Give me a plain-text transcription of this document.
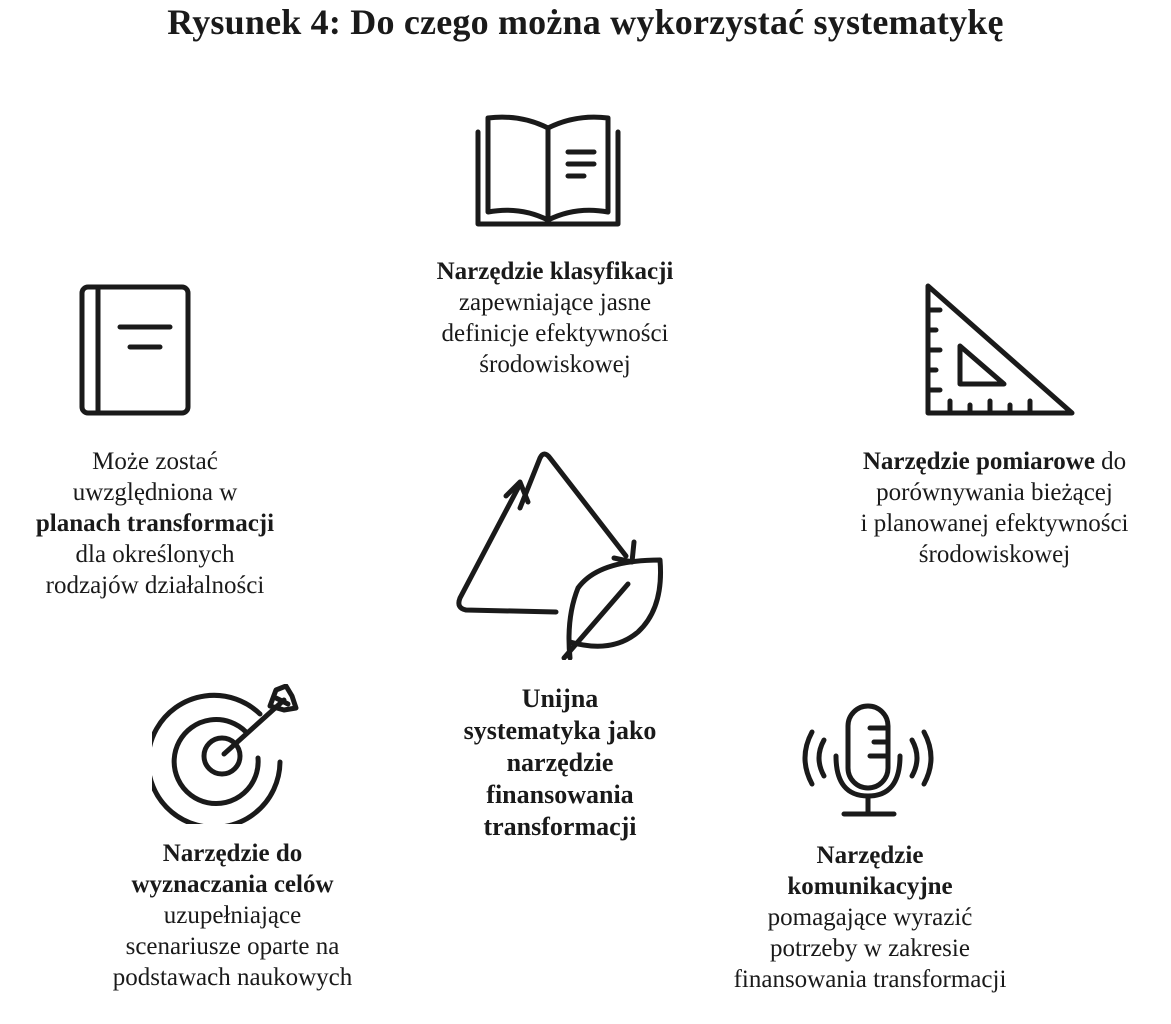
Rysunek 4: Do czego można wykorzystać systematykę
Narzędzie klasyfikacji
zapewniające jasne
definicje efektywności
środowiskowej
Może zostać
uwzględniona w
planach transformacji
dla określonych
rodzajów działalności
Narzędzie pomiarowe do
porównywania bieżącej
i planowanej efektywności
środowiskowej
Unijna
systematyka jako
narzędzie
finansowania
transformacji
Narzędzie do
wyznaczania celów
uzupełniające
scenariusze oparte na
podstawach naukowych
Narzędzie
komunikacyjne
pomagające wyrazić
potrzeby w zakresie
finansowania transformacji
